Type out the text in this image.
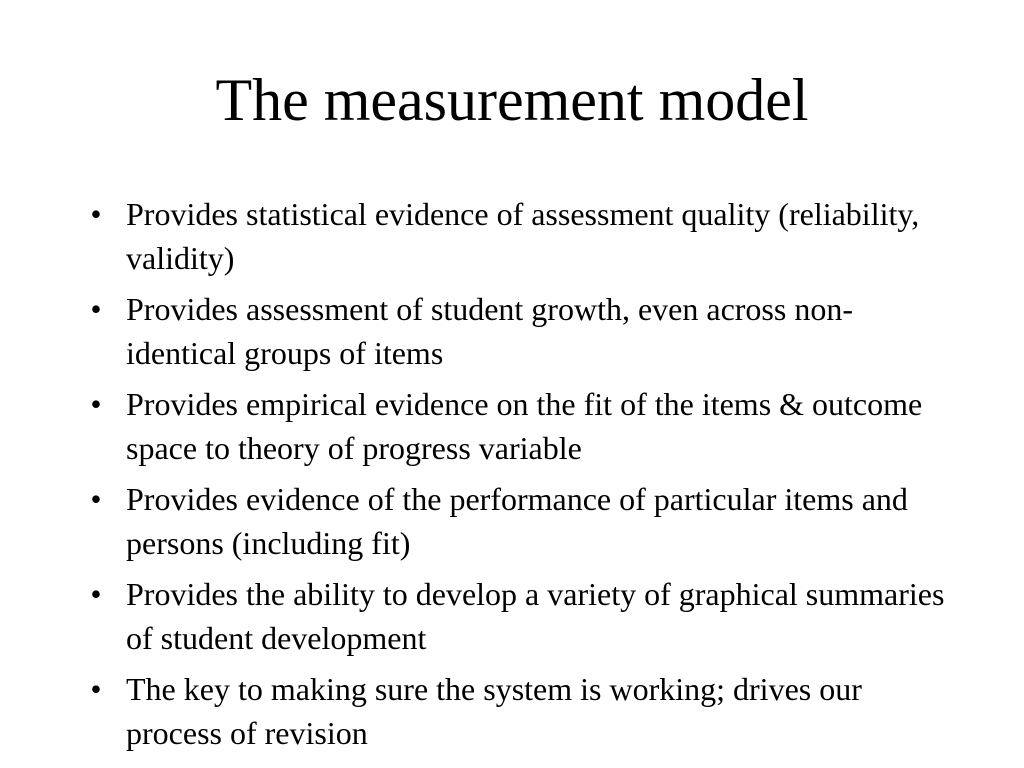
The measurement model
• Provides statistical evidence of assessment quality (reliability, validity)
• Provides assessment of student growth, even across non-identical groups of items
• Provides empirical evidence on the fit of the items & outcome space to theory of progress variable
• Provides evidence of the performance of particular items and persons (including fit)
• Provides the ability to develop a variety of graphical summaries of student development
• The key to making sure the system is working; drives our process of revision
